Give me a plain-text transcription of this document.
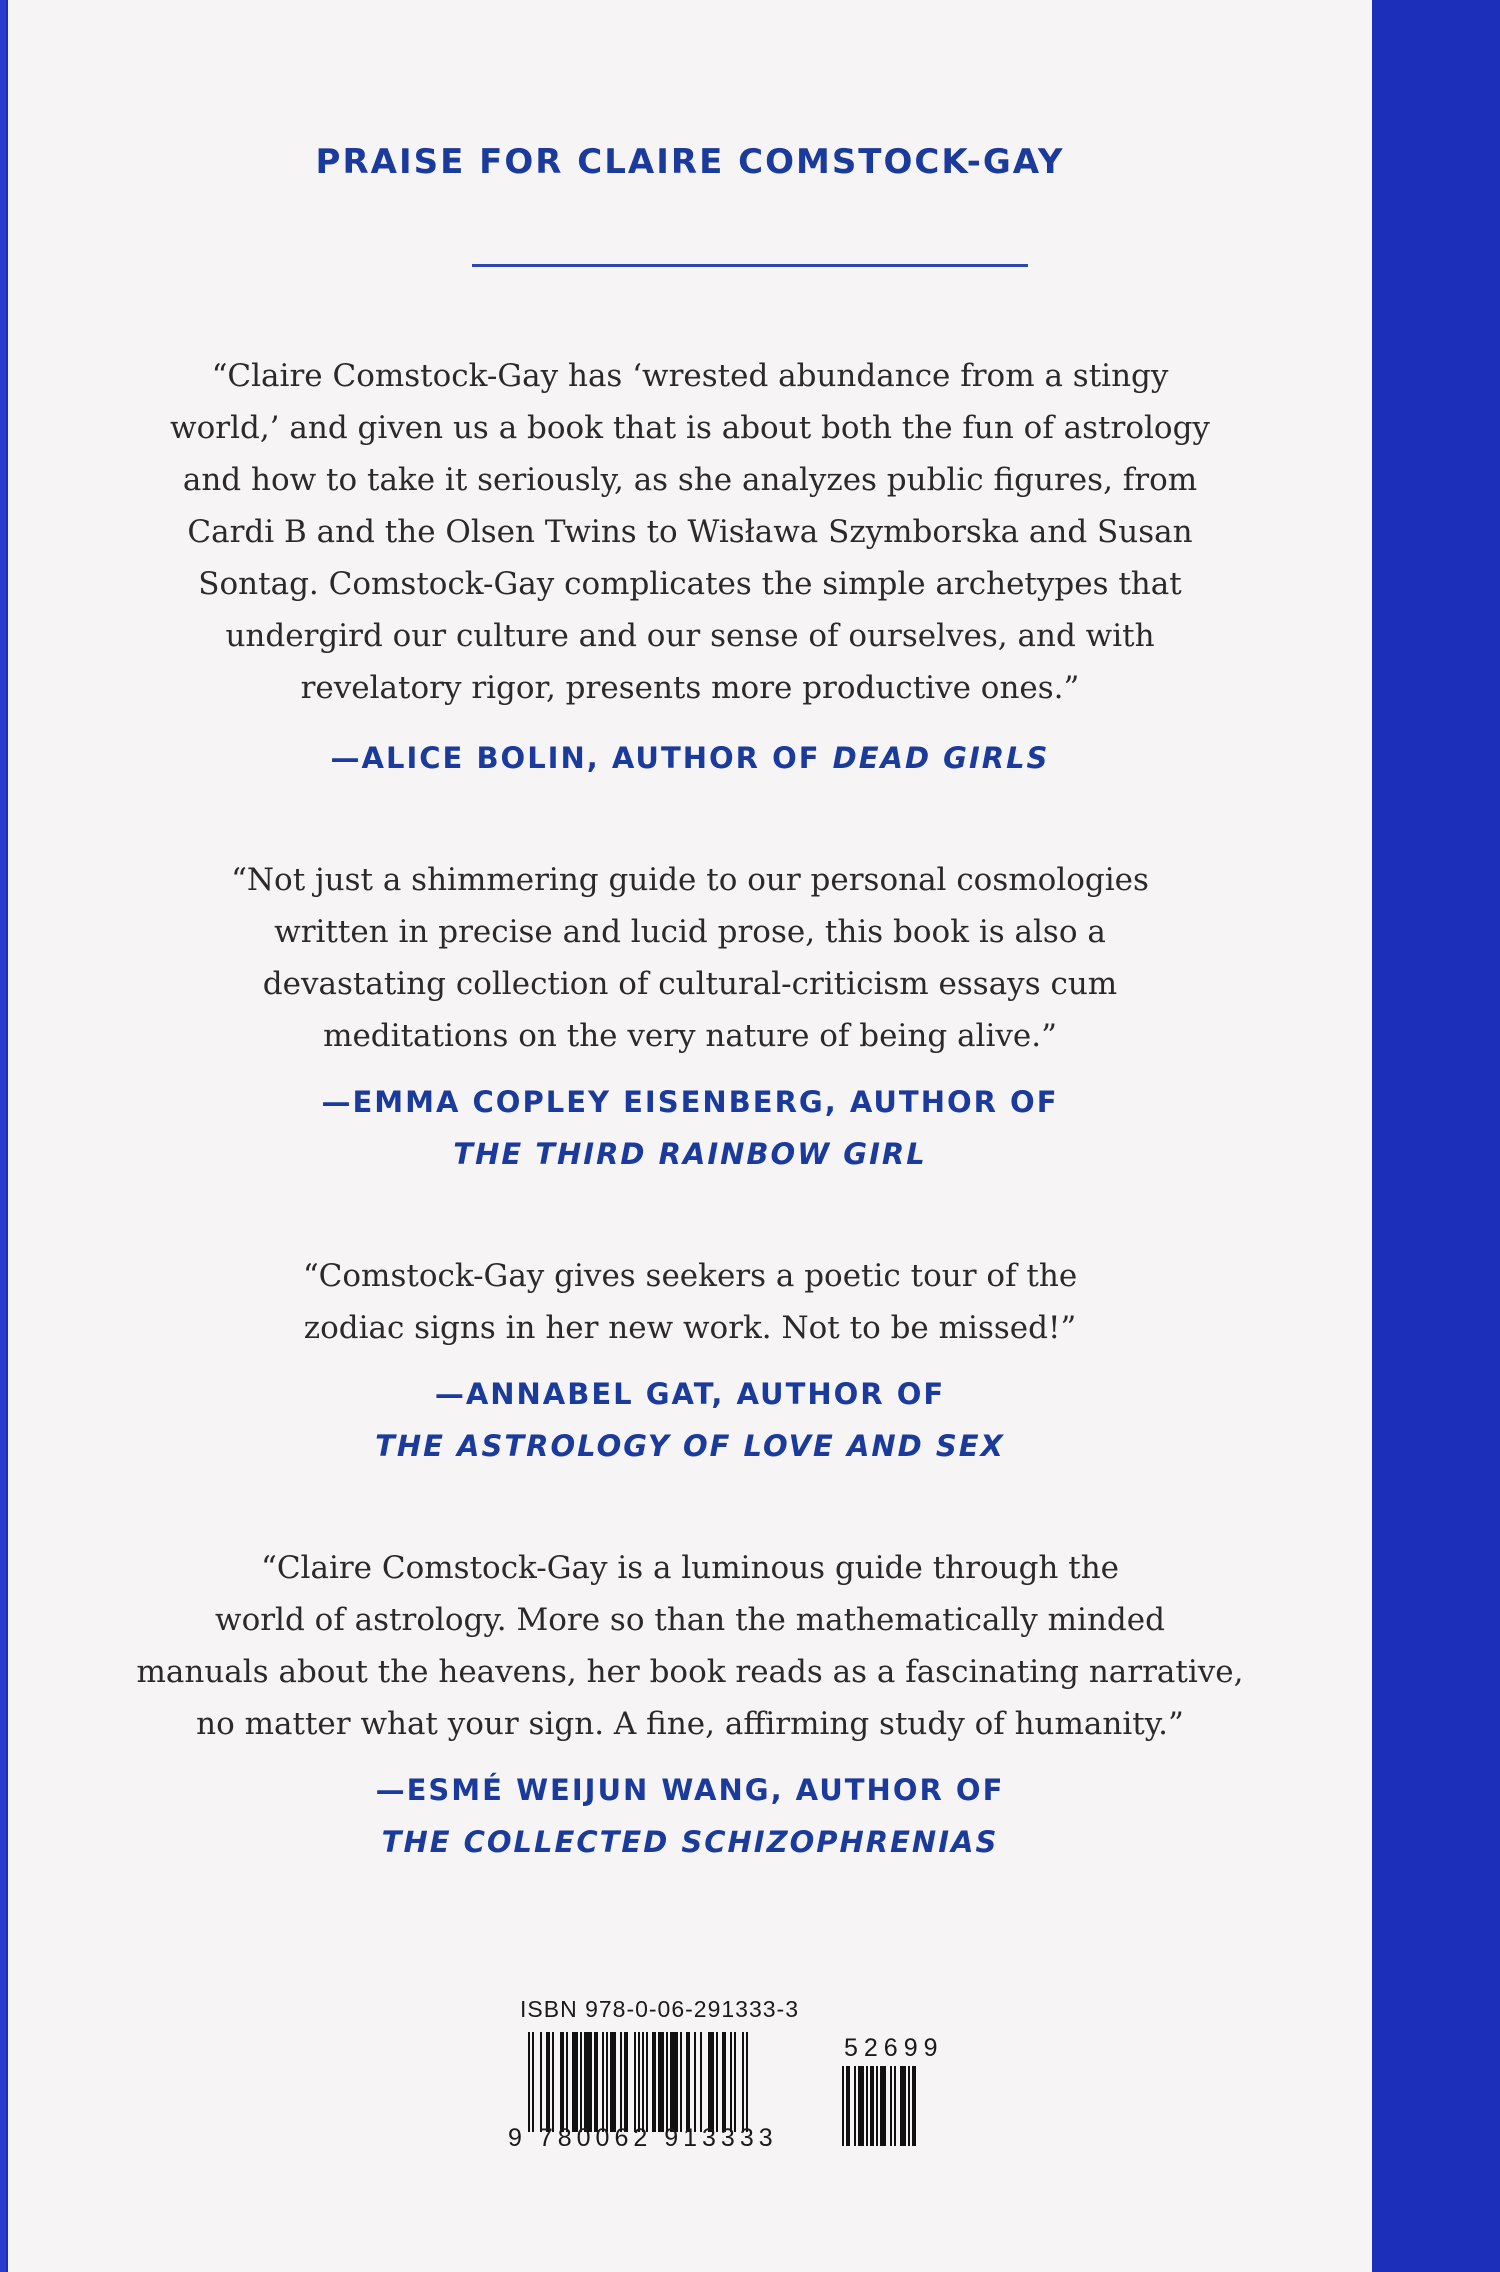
PRAISE FOR CLAIRE COMSTOCK-GAY
“Claire Comstock-Gay has ‘wrested abundance from a stingy
world,’ and given us a book that is about both the fun of astrology
and how to take it seriously, as she analyzes public figures, from
Cardi B and the Olsen Twins to Wisława Szymborska and Susan
Sontag. Comstock-Gay complicates the simple archetypes that
undergird our culture and our sense of ourselves, and with
revelatory rigor, presents more productive ones.”
—ALICE BOLIN, AUTHOR OF DEAD GIRLS
“Not just a shimmering guide to our personal cosmologies
written in precise and lucid prose, this book is also a
devastating collection of cultural-criticism essays cum
meditations on the very nature of being alive.”
—EMMA COPLEY EISENBERG, AUTHOR OF
THE THIRD RAINBOW GIRL
“Comstock-Gay gives seekers a poetic tour of the
zodiac signs in her new work. Not to be missed!”
—ANNABEL GAT, AUTHOR OF
THE ASTROLOGY OF LOVE AND SEX
“Claire Comstock-Gay is a luminous guide through the
world of astrology. More so than the mathematically minded
manuals about the heavens, her book reads as a fascinating narrative,
no matter what your sign. A fine, affirming study of humanity.”
—ESMÉ WEIJUN WANG, AUTHOR OF
THE COLLECTED SCHIZOPHRENIAS
ISBN 978-0-06-291333-3
52699
9 780062 913333
